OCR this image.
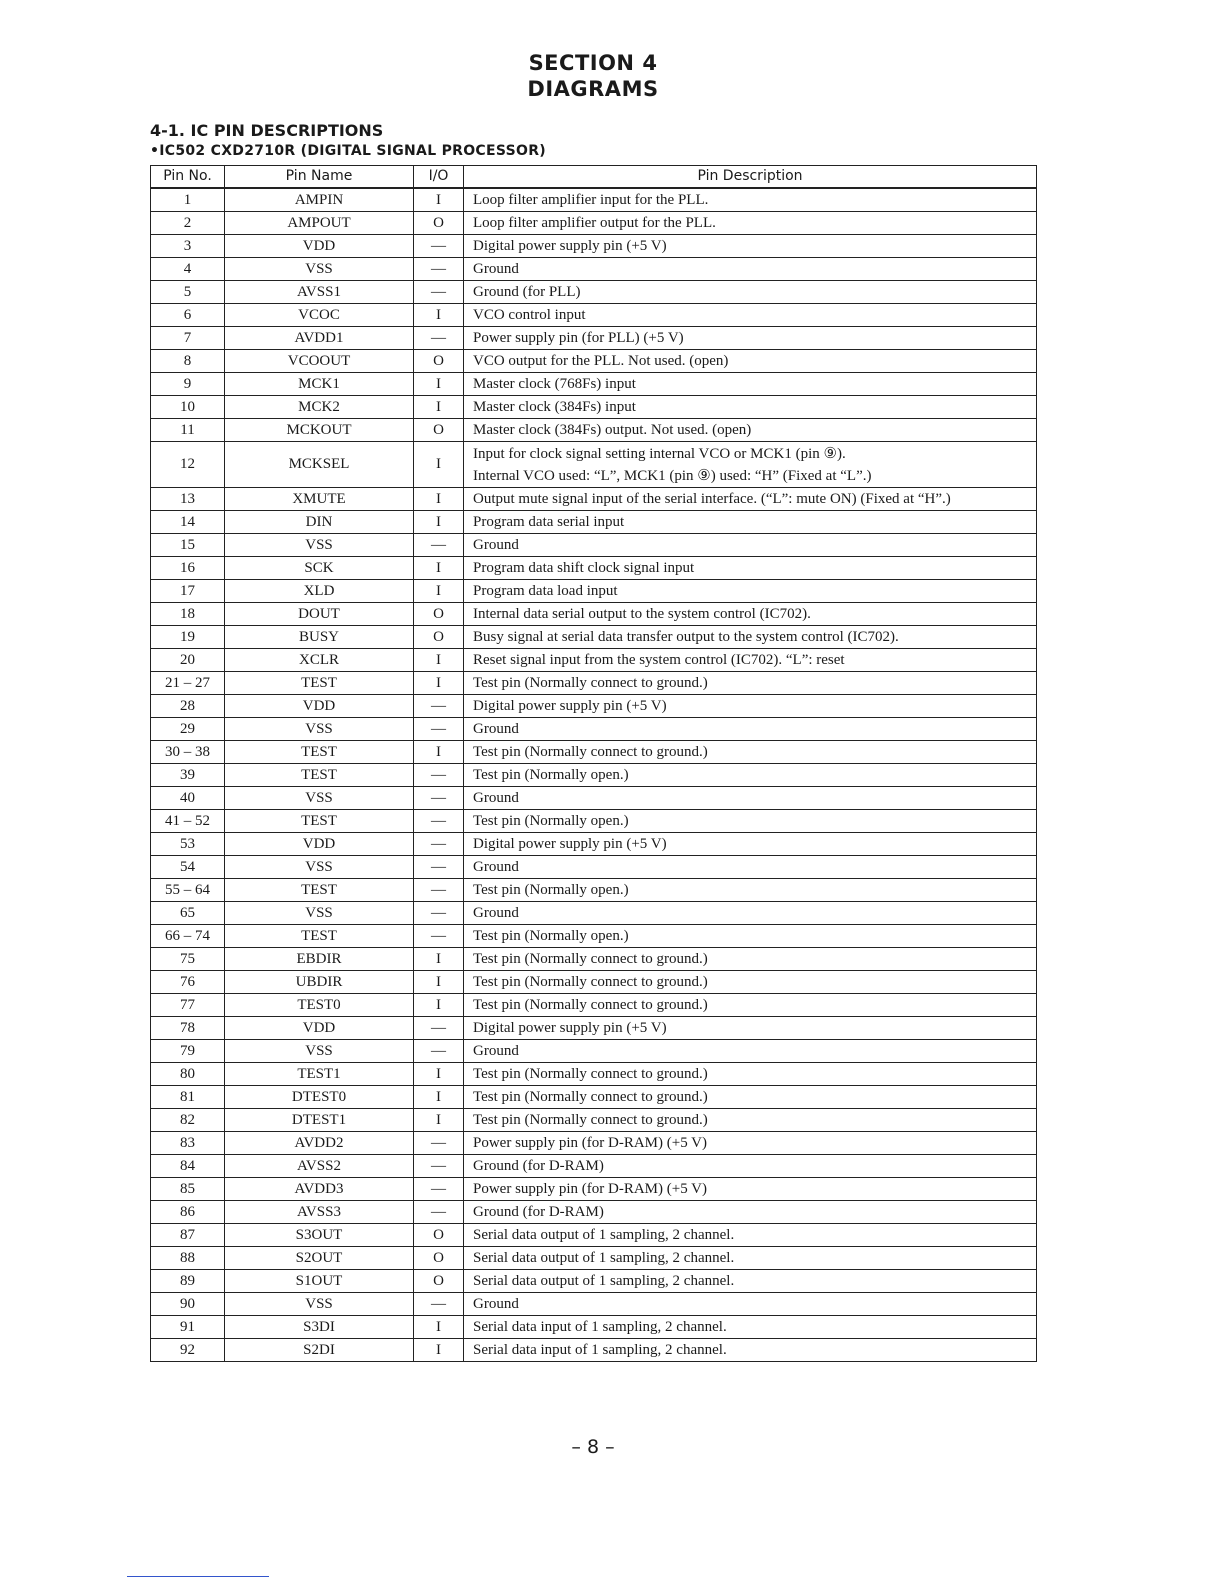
SECTION 4
DIAGRAMS
4-1. IC PIN DESCRIPTIONS
•IC502 CXD2710R (DIGITAL SIGNAL PROCESSOR)
Pin No.	Pin Name	I/O	Pin Description
1	AMPIN	I	Loop filter amplifier input for the PLL.
2	AMPOUT	O	Loop filter amplifier output for the PLL.
3	VDD	—	Digital power supply pin (+5 V)
4	VSS	—	Ground
5	AVSS1	—	Ground (for PLL)
6	VCOC	I	VCO control input
7	AVDD1	—	Power supply pin (for PLL) (+5 V)
8	VCOOUT	O	VCO output for the PLL. Not used. (open)
9	MCK1	I	Master clock (768Fs) input
10	MCK2	I	Master clock (384Fs) input
11	MCKOUT	O	Master clock (384Fs) output. Not used. (open)
12	MCKSEL	I	Input for clock signal setting internal VCO or MCK1 (pin ⑨).
Internal VCO used: “L”, MCK1 (pin ⑨) used: “H” (Fixed at “L”.)

13	XMUTE	I	Output mute signal input of the serial interface. (“L”: mute ON) (Fixed at “H”.)
14	DIN	I	Program data serial input
15	VSS	—	Ground
16	SCK	I	Program data shift clock signal input
17	XLD	I	Program data load input
18	DOUT	O	Internal data serial output to the system control (IC702).
19	BUSY	O	Busy signal at serial data transfer output to the system control (IC702).
20	XCLR	I	Reset signal input from the system control (IC702). “L”: reset
21 – 27	TEST	I	Test pin (Normally connect to ground.)
28	VDD	—	Digital power supply pin (+5 V)
29	VSS	—	Ground
30 – 38	TEST	I	Test pin (Normally connect to ground.)
39	TEST	—	Test pin (Normally open.)
40	VSS	—	Ground
41 – 52	TEST	—	Test pin (Normally open.)
53	VDD	—	Digital power supply pin (+5 V)
54	VSS	—	Ground
55 – 64	TEST	—	Test pin (Normally open.)
65	VSS	—	Ground
66 – 74	TEST	—	Test pin (Normally open.)
75	EBDIR	I	Test pin (Normally connect to ground.)
76	UBDIR	I	Test pin (Normally connect to ground.)
77	TEST0	I	Test pin (Normally connect to ground.)
78	VDD	—	Digital power supply pin (+5 V)
79	VSS	—	Ground
80	TEST1	I	Test pin (Normally connect to ground.)
81	DTEST0	I	Test pin (Normally connect to ground.)
82	DTEST1	I	Test pin (Normally connect to ground.)
83	AVDD2	—	Power supply pin (for D-RAM) (+5 V)
84	AVSS2	—	Ground (for D-RAM)
85	AVDD3	—	Power supply pin (for D-RAM) (+5 V)
86	AVSS3	—	Ground (for D-RAM)
87	S3OUT	O	Serial data output of 1 sampling, 2 channel.
88	S2OUT	O	Serial data output of 1 sampling, 2 channel.
89	S1OUT	O	Serial data output of 1 sampling, 2 channel.
90	VSS	—	Ground
91	S3DI	I	Serial data input of 1 sampling, 2 channel.
92	S2DI	I	Serial data input of 1 sampling, 2 channel.
– 8 –
